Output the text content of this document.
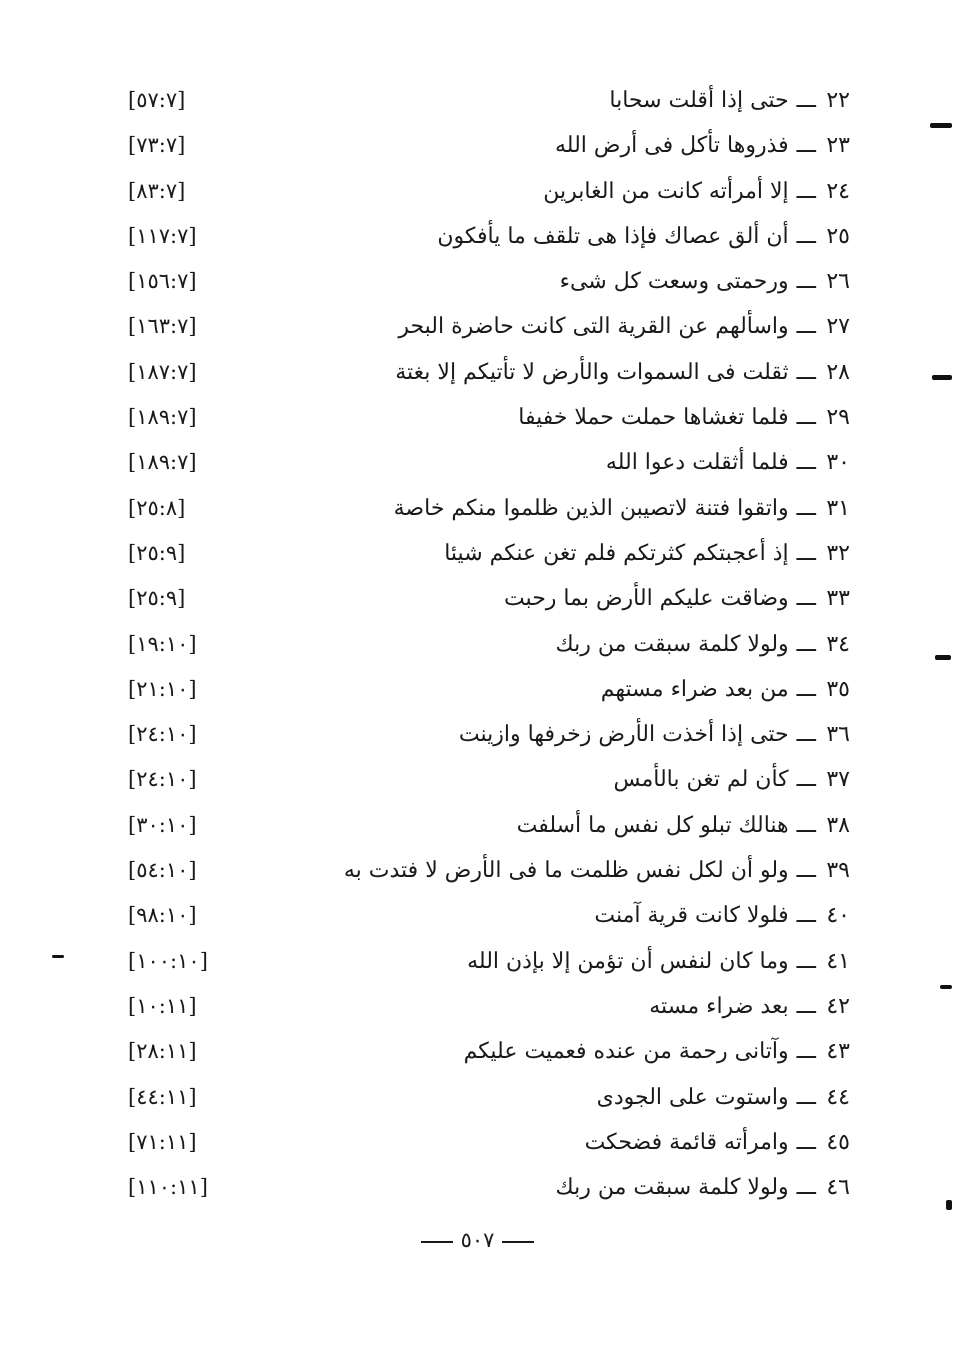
٢٢ـــحتى إذا أقلت سحابا
[٥٧:٧]
٢٣ـــفذروها تأكل فى أرض الله
[٧٣:٧]
٢٤ـــإلا أمرأته كانت من الغابرين
[٨٣:٧]
٢٥ـــأن ألق عصاك فإذا هى تلقف ما يأفكون
[١١٧:٧]
٢٦ـــورحمتى وسعت كل شىء
[١٥٦:٧]
٢٧ـــواسألهم عن القرية التى كانت حاضرة البحر
[١٦٣:٧]
٢٨ـــثقلت فى السموات والأرض لا تأتيكم إلا بغتة
[١٨٧:٧]
٢٩ـــفلما تغشاها حملت حملا خفيفا
[١٨٩:٧]
٣٠ـــفلما أثقلت دعوا الله
[١٨٩:٧]
٣١ـــواتقوا فتنة لاتصيبن الذين ظلموا منكم خاصة
[٢٥:٨]
٣٢ـــإذ أعجبتكم كثرتكم فلم تغن عنكم شيئا
[٢٥:٩]
٣٣ـــوضاقت عليكم الأرض بما رحبت
[٢٥:٩]
٣٤ـــولولا كلمة سبقت من ربك
[١٩:١٠]
٣٥ـــمن بعد ضراء مستهم
[٢١:١٠]
٣٦ـــحتى إذا أخذت الأرض زخرفها وازينت
[٢٤:١٠]
٣٧ـــكأن لم تغن بالأمس
[٢٤:١٠]
٣٨ـــهنالك تبلو كل نفس ما أسلفت
[٣٠:١٠]
٣٩ـــولو أن لكل نفس ظلمت ما فى الأرض لا فتدت به
[٥٤:١٠]
٤٠ـــفلولا كانت قرية آمنت
[٩٨:١٠]
٤١ـــوما كان لنفس أن تؤمن إلا بإذن الله
[١٠٠:١٠]
٤٢ـــبعد ضراء مسته
[١٠:١١]
٤٣ـــوآتانى رحمة من عنده فعميت عليكم
[٢٨:١١]
٤٤ـــواستوت على الجودى
[٤٤:١١]
٤٥ـــوامرأته قائمة فضحكت
[٧١:١١]
٤٦ـــولولا كلمة سبقت من ربك
[١١٠:١١]
٥٠٧
